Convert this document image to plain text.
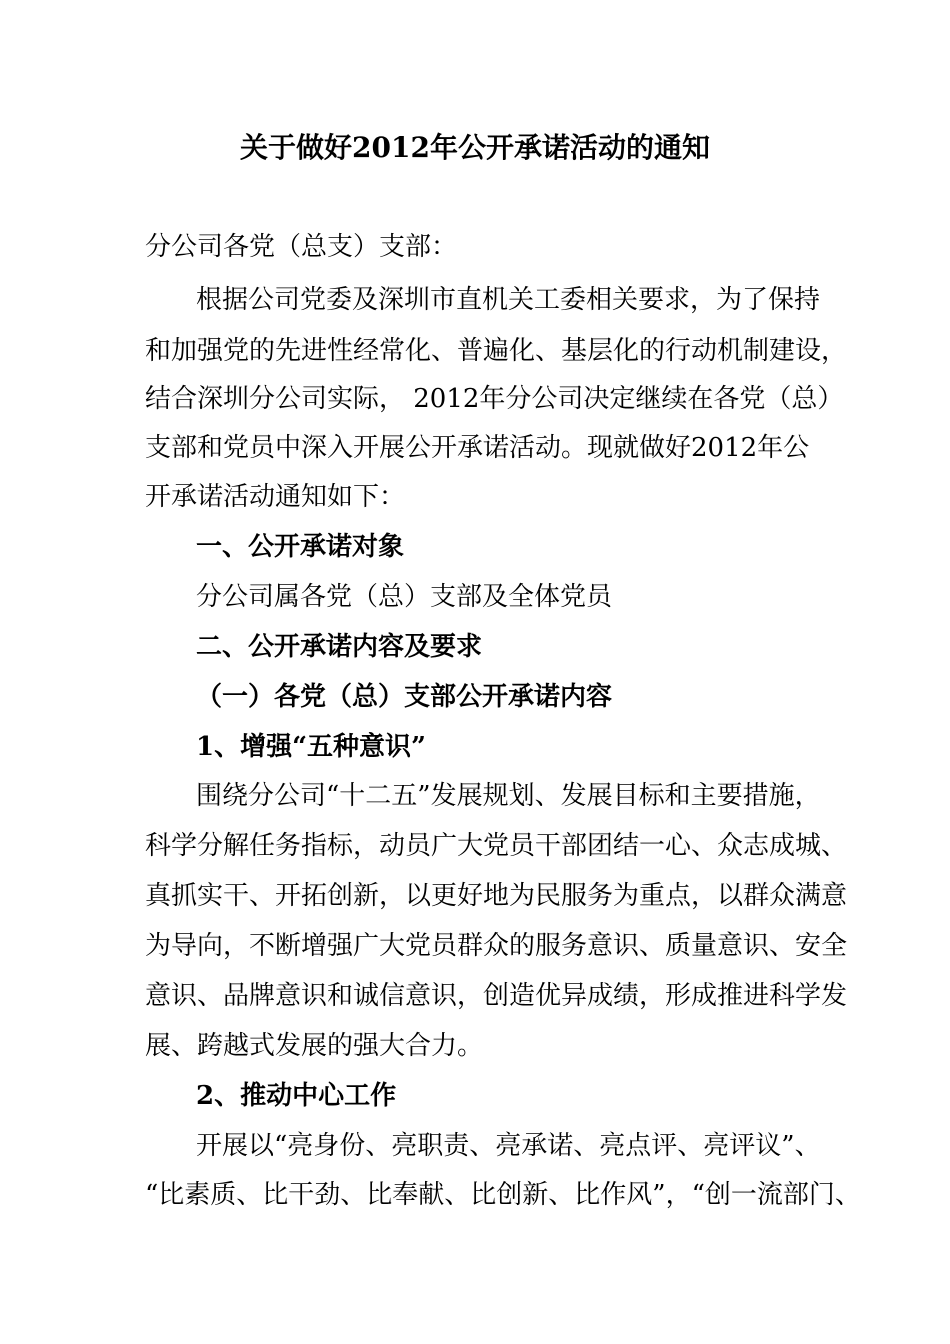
关于做好2012年公开承诺活动的通知
分公司各党（总支）支部：
根据公司党委及深圳市直机关工委相关要求，为了保持
和加强党的先进性经常化、普遍化、基层化的行动机制建设，
结合深圳分公司实际， 2012年分公司决定继续在各党（总）
支部和党员中深入开展公开承诺活动。现就做好2012年公
开承诺活动通知如下：
一、公开承诺对象
分公司属各党（总）支部及全体党员
二、公开承诺内容及要求
（一）各党（总）支部公开承诺内容
1、增强“五种意识”
围绕分公司“十二五”发展规划、发展目标和主要措施，
科学分解任务指标，动员广大党员干部团结一心、众志成城、
真抓实干、开拓创新，以更好地为民服务为重点，以群众满意
为导向，不断增强广大党员群众的服务意识、质量意识、安全
意识、品牌意识和诚信意识，创造优异成绩，形成推进科学发
展、跨越式发展的强大合力。
2、推动中心工作
开展以“亮身份、亮职责、亮承诺、亮点评、亮评议”、
“比素质、比干劲、比奉献、比创新、比作风”，“创一流部门、
